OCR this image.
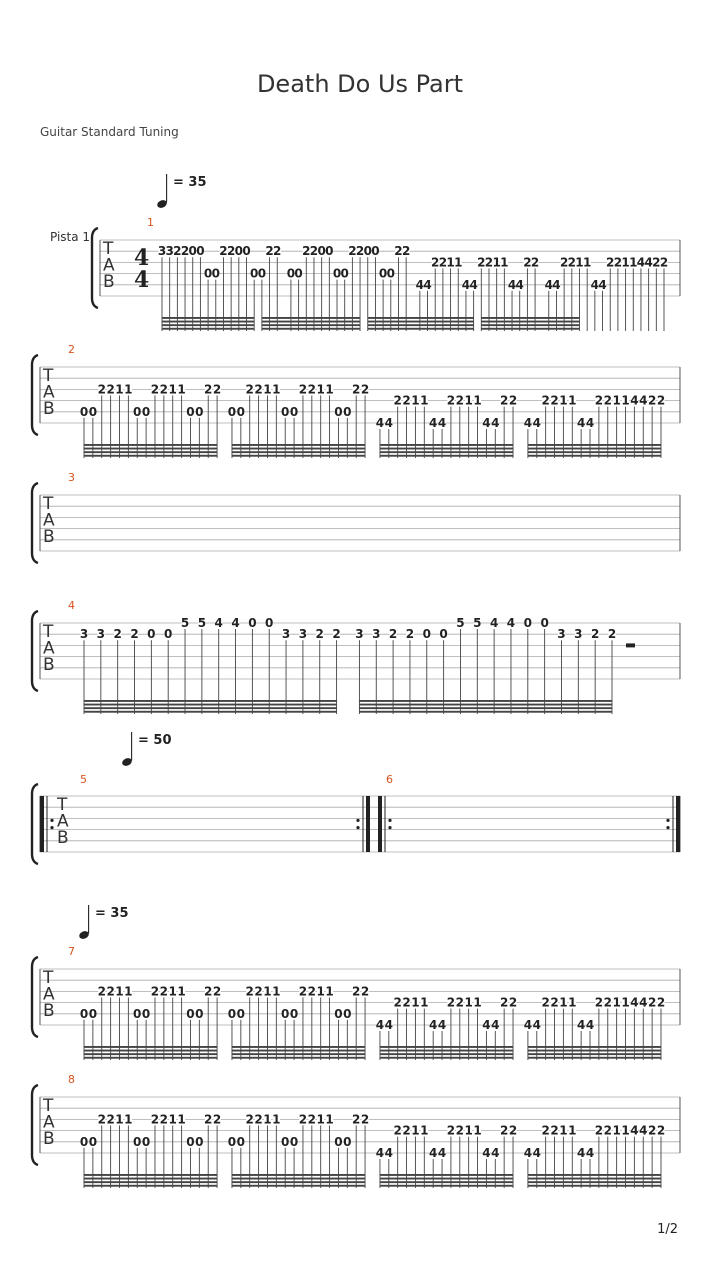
Death Do Us Part
Guitar Standard Tuning
Pista 1
T
A
B
4
4
= 35
1
3 3 2 2 0 0
0 0
2 2 0 0
0 0
2 2
0 0
2 2 0 0
0 0
2 2 0 0
0 0
2 2
4 4
2 2 1 1
4 4
2 2 1 1
4 4
2 2
4 4
2 2 1 1
4 4
2 2 1 1 4 4 2 2
T
A
B
2
0 0
2 2 1 1
0 0
2 2 1 1
0 0
2 2
0 0
2 2 1 1
0 0
2 2 1 1
0 0
2 2
4 4
2 2 1 1
4 4
2 2 1 1
4 4
2 2
4 4
2 2 1 1
4 4
2 2 1 1 4 4 2 2
T
A
B
3
T
A
B
4
3 3 2 2 0 0
5 5 4 4 0 0
3 3 2 2 3 3 2 2 0 0
5 5 4 4 0 0
3 3 2 2
= 50
5	6
T
A
B
T
A
B
= 35
7
0 0
2 2 1 1
0 0
2 2 1 1
0 0
2 2
0 0
2 2 1 1
0 0
2 2 1 1
0 0
2 2
4 4
2 2 1 1
4 4
2 2 1 1
4 4
2 2
4 4
2 2 1 1
4 4
2 2 1 1 4 4 2 2
T
A
B
8
0 0
2 2 1 1
0 0
2 2 1 1
0 0
2 2
0 0
2 2 1 1
0 0
2 2 1 1
0 0
2 2
4 4
2 2 1 1
4 4
2 2 1 1
4 4
2 2
4 4
2 2 1 1
4 4
2 2 1 1 4 4 2 2
1/2
